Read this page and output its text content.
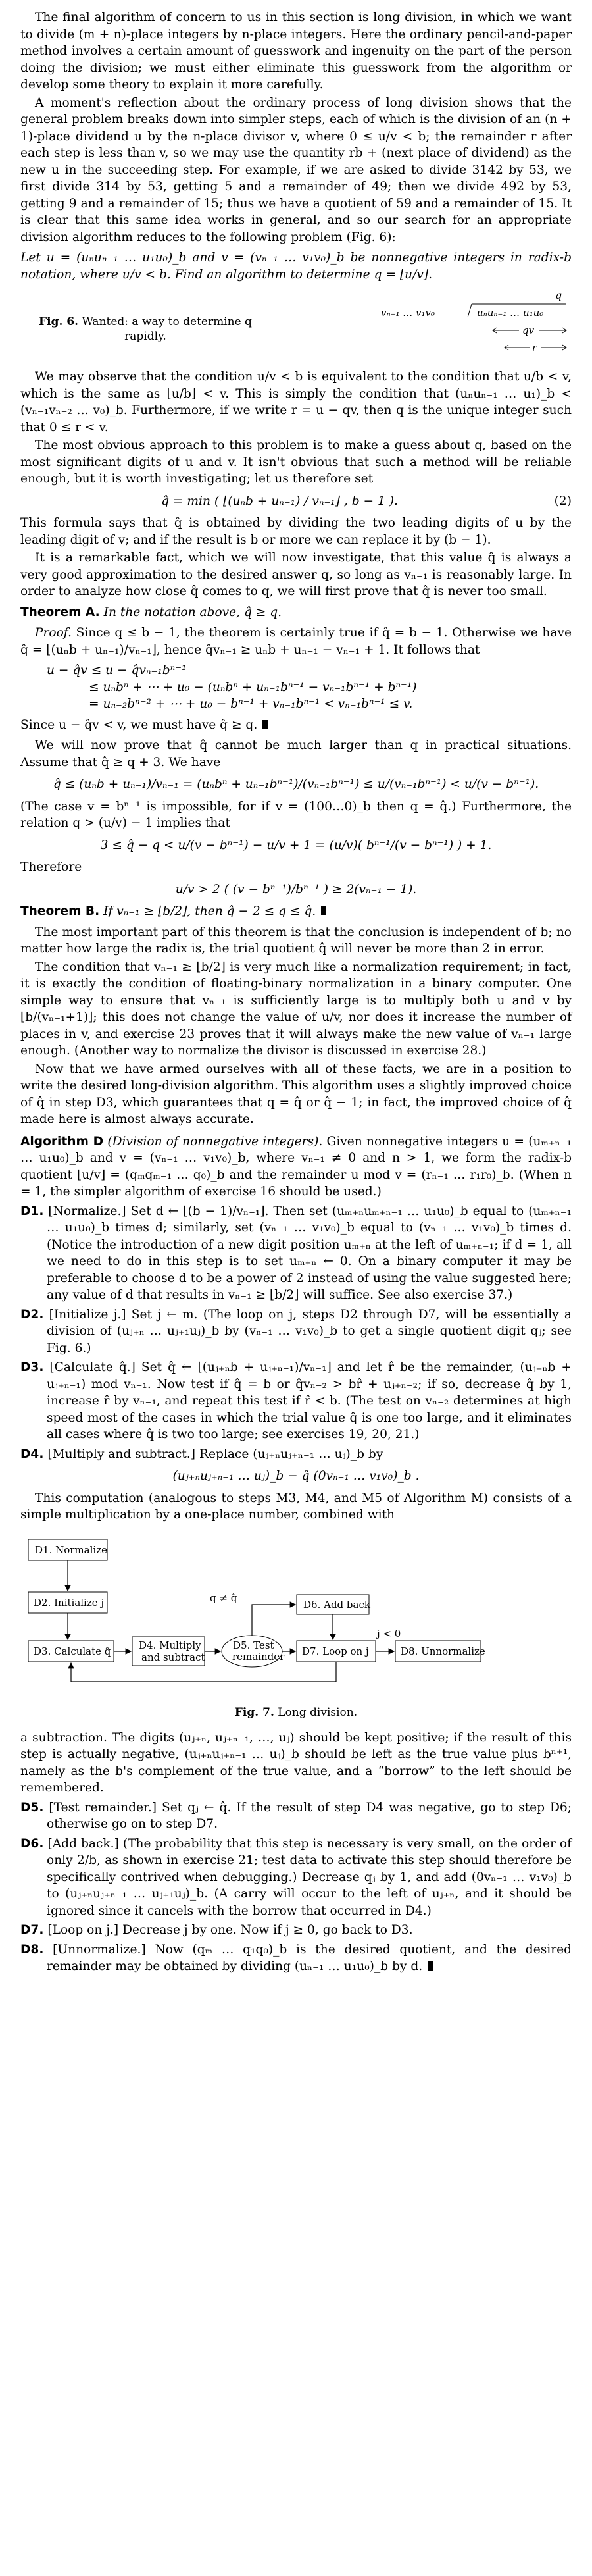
The final algorithm of concern to us in this section is long division, in which we want to divide (m + n)-place integers by n-place integers. Here the ordinary pencil-and-paper method involves a certain amount of guesswork and ingenuity on the part of the person doing the division; we must either eliminate this guesswork from the algorithm or develop some theory to explain it more carefully.

A moment's reflection about the ordinary process of long division shows that the general problem breaks down into simpler steps, each of which is the division of an (n + 1)-place dividend u by the n-place divisor v, where 0 ≤ u/v < b; the remainder r after each step is less than v, so we may use the quantity rb + (next place of dividend) as the new u in the succeeding step. For example, if we are asked to divide 3142 by 53, we first divide 314 by 53, getting 5 and a remainder of 49; then we divide 492 by 53, getting 9 and a remainder of 15; thus we have a quotient of 59 and a remainder of 15. It is clear that this same idea works in general, and so our search for an appropriate division algorithm reduces to the following problem (Fig. 6):

Let u = (uₙuₙ₋₁ … u₁u₀)_b and v = (vₙ₋₁ … v₁v₀)_b be nonnegative integers in radix-b notation, where u/v < b. Find an algorithm to determine q = ⌊u/v⌋.

Fig. 6. Wanted: a way to determine q rapidly.
q
vₙ₋₁ … v₁v₀	uₙuₙ₋₁ … u₁u₀
qv
r

We may observe that the condition u/v < b is equivalent to the condition that u/b < v, which is the same as ⌊u/b⌋ < v. This is simply the condition that (uₙuₙ₋₁ … u₁)_b < (vₙ₋₁vₙ₋₂ … v₀)_b. Furthermore, if we write r = u − qv, then q is the unique integer such that 0 ≤ r < v.

The most obvious approach to this problem is to make a guess about q, based on the most significant digits of u and v. It isn't obvious that such a method will be reliable enough, but it is worth investigating; let us therefore set

q̂ = min ( ⌊(uₙb + uₙ₋₁) / vₙ₋₁⌋ , b − 1 ).	(2)

This formula says that q̂ is obtained by dividing the two leading digits of u by the leading digit of v; and if the result is b or more we can replace it by (b − 1).

It is a remarkable fact, which we will now investigate, that this value q̂ is always a very good approximation to the desired answer q, so long as vₙ₋₁ is reasonably large. In order to analyze how close q̂ comes to q, we will first prove that q̂ is never too small.

Theorem A. In the notation above, q̂ ≥ q.

Proof. Since q ≤ b − 1, the theorem is certainly true if q̂ = b − 1. Otherwise we have q̂ = ⌊(uₙb + uₙ₋₁)/vₙ₋₁⌋, hence q̂vₙ₋₁ ≥ uₙb + uₙ₋₁ − vₙ₋₁ + 1. It follows that

u − q̂v ≤ u − q̂vₙ₋₁bⁿ⁻¹
≤ uₙbⁿ + ⋯ + u₀ − (uₙbⁿ + uₙ₋₁bⁿ⁻¹ − vₙ₋₁bⁿ⁻¹ + bⁿ⁻¹)
= uₙ₋₂bⁿ⁻² + ⋯ + u₀ − bⁿ⁻¹ + vₙ₋₁bⁿ⁻¹ < vₙ₋₁bⁿ⁻¹ ≤ v.

Since u − q̂v < v, we must have q̂ ≥ q.

We will now prove that q̂ cannot be much larger than q in practical situations. Assume that q̂ ≥ q + 3. We have

q̂ ≤ (uₙb + uₙ₋₁)/vₙ₋₁ = (uₙbⁿ + uₙ₋₁bⁿ⁻¹)/(vₙ₋₁bⁿ⁻¹) ≤ u/(vₙ₋₁bⁿ⁻¹) < u/(v − bⁿ⁻¹).

(The case v = bⁿ⁻¹ is impossible, for if v = (100…0)_b then q = q̂.) Furthermore, the relation q > (u/v) − 1 implies that

3 ≤ q̂ − q < u/(v − bⁿ⁻¹) − u/v + 1 = (u/v)( bⁿ⁻¹/(v − bⁿ⁻¹) ) + 1.

Therefore

u/v > 2 ( (v − bⁿ⁻¹)/bⁿ⁻¹ ) ≥ 2(vₙ₋₁ − 1).

Theorem B. If vₙ₋₁ ≥ ⌊b/2⌋, then q̂ − 2 ≤ q ≤ q̂.

The most important part of this theorem is that the conclusion is independent of b; no matter how large the radix is, the trial quotient q̂ will never be more than 2 in error.

The condition that vₙ₋₁ ≥ ⌊b/2⌋ is very much like a normalization requirement; in fact, it is exactly the condition of floating-binary normalization in a binary computer. One simple way to ensure that vₙ₋₁ is sufficiently large is to multiply both u and v by ⌊b/(vₙ₋₁+1)⌋; this does not change the value of u/v, nor does it increase the number of places in v, and exercise 23 proves that it will always make the new value of vₙ₋₁ large enough. (Another way to normalize the divisor is discussed in exercise 28.)

Now that we have armed ourselves with all of these facts, we are in a position to write the desired long-division algorithm. This algorithm uses a slightly improved choice of q̂ in step D3, which guarantees that q = q̂ or q̂ − 1; in fact, the improved choice of q̂ made here is almost always accurate.

Algorithm D (Division of nonnegative integers). Given nonnegative integers u = (uₘ₊ₙ₋₁ … u₁u₀)_b and v = (vₙ₋₁ … v₁v₀)_b, where vₙ₋₁ ≠ 0 and n > 1, we form the radix-b quotient ⌊u/v⌋ = (qₘqₘ₋₁ … q₀)_b and the remainder u mod v = (rₙ₋₁ … r₁r₀)_b. (When n = 1, the simpler algorithm of exercise 16 should be used.)

D1. [Normalize.] Set d ← ⌊(b − 1)/vₙ₋₁⌋. Then set (uₘ₊ₙuₘ₊ₙ₋₁ … u₁u₀)_b equal to (uₘ₊ₙ₋₁ … u₁u₀)_b times d; similarly, set (vₙ₋₁ … v₁v₀)_b equal to (vₙ₋₁ … v₁v₀)_b times d. (Notice the introduction of a new digit position uₘ₊ₙ at the left of uₘ₊ₙ₋₁; if d = 1, all we need to do in this step is to set uₘ₊ₙ ← 0. On a binary computer it may be preferable to choose d to be a power of 2 instead of using the value suggested here; any value of d that results in vₙ₋₁ ≥ ⌊b/2⌋ will suffice. See also exercise 37.)

D2. [Initialize j.] Set j ← m. (The loop on j, steps D2 through D7, will be essentially a division of (uⱼ₊ₙ … uⱼ₊₁uⱼ)_b by (vₙ₋₁ … v₁v₀)_b to get a single quotient digit qⱼ; see Fig. 6.)

D3. [Calculate q̂.] Set q̂ ← ⌊(uⱼ₊ₙb + uⱼ₊ₙ₋₁)/vₙ₋₁⌋ and let r̂ be the remainder, (uⱼ₊ₙb + uⱼ₊ₙ₋₁) mod vₙ₋₁. Now test if q̂ = b or q̂vₙ₋₂ > br̂ + uⱼ₊ₙ₋₂; if so, decrease q̂ by 1, increase r̂ by vₙ₋₁, and repeat this test if r̂ < b. (The test on vₙ₋₂ determines at high speed most of the cases in which the trial value q̂ is one too large, and it eliminates all cases where q̂ is two too large; see exercises 19, 20, 21.)

D4. [Multiply and subtract.] Replace (uⱼ₊ₙuⱼ₊ₙ₋₁ … uⱼ)_b by

(uⱼ₊ₙuⱼ₊ₙ₋₁ … uⱼ)_b − q̂ (0vₙ₋₁ … v₁v₀)_b .

This computation (analogous to steps M3, M4, and M5 of Algorithm M) consists of a simple multiplication by a one-place number, combined with

D1. Normalize
D2. Initialize j
D3. Calculate q̂	D4. Multiply
and subtract
D5. Test
remainder
D6. Add back
D7. Loop on j	D8. Unnormalize
q ≠ q̂
j < 0
Fig. 7. Long division.

a subtraction. The digits (uⱼ₊ₙ, uⱼ₊ₙ₋₁, …, uⱼ) should be kept positive; if the result of this step is actually negative, (uⱼ₊ₙuⱼ₊ₙ₋₁ … uⱼ)_b should be left as the true value plus bⁿ⁺¹, namely as the b's complement of the true value, and a “borrow” to the left should be remembered.

D5. [Test remainder.] Set qⱼ ← q̂. If the result of step D4 was negative, go to step D6; otherwise go on to step D7.

D6. [Add back.] (The probability that this step is necessary is very small, on the order of only 2/b, as shown in exercise 21; test data to activate this step should therefore be specifically contrived when debugging.) Decrease qⱼ by 1, and add (0vₙ₋₁ … v₁v₀)_b to (uⱼ₊ₙuⱼ₊ₙ₋₁ … uⱼ₊₁uⱼ)_b. (A carry will occur to the left of uⱼ₊ₙ, and it should be ignored since it cancels with the borrow that occurred in D4.)

D7. [Loop on j.] Decrease j by one. Now if j ≥ 0, go back to D3.

D8. [Unnormalize.] Now (qₘ … q₁q₀)_b is the desired quotient, and the desired remainder may be obtained by dividing (uₙ₋₁ … u₁u₀)_b by d.
